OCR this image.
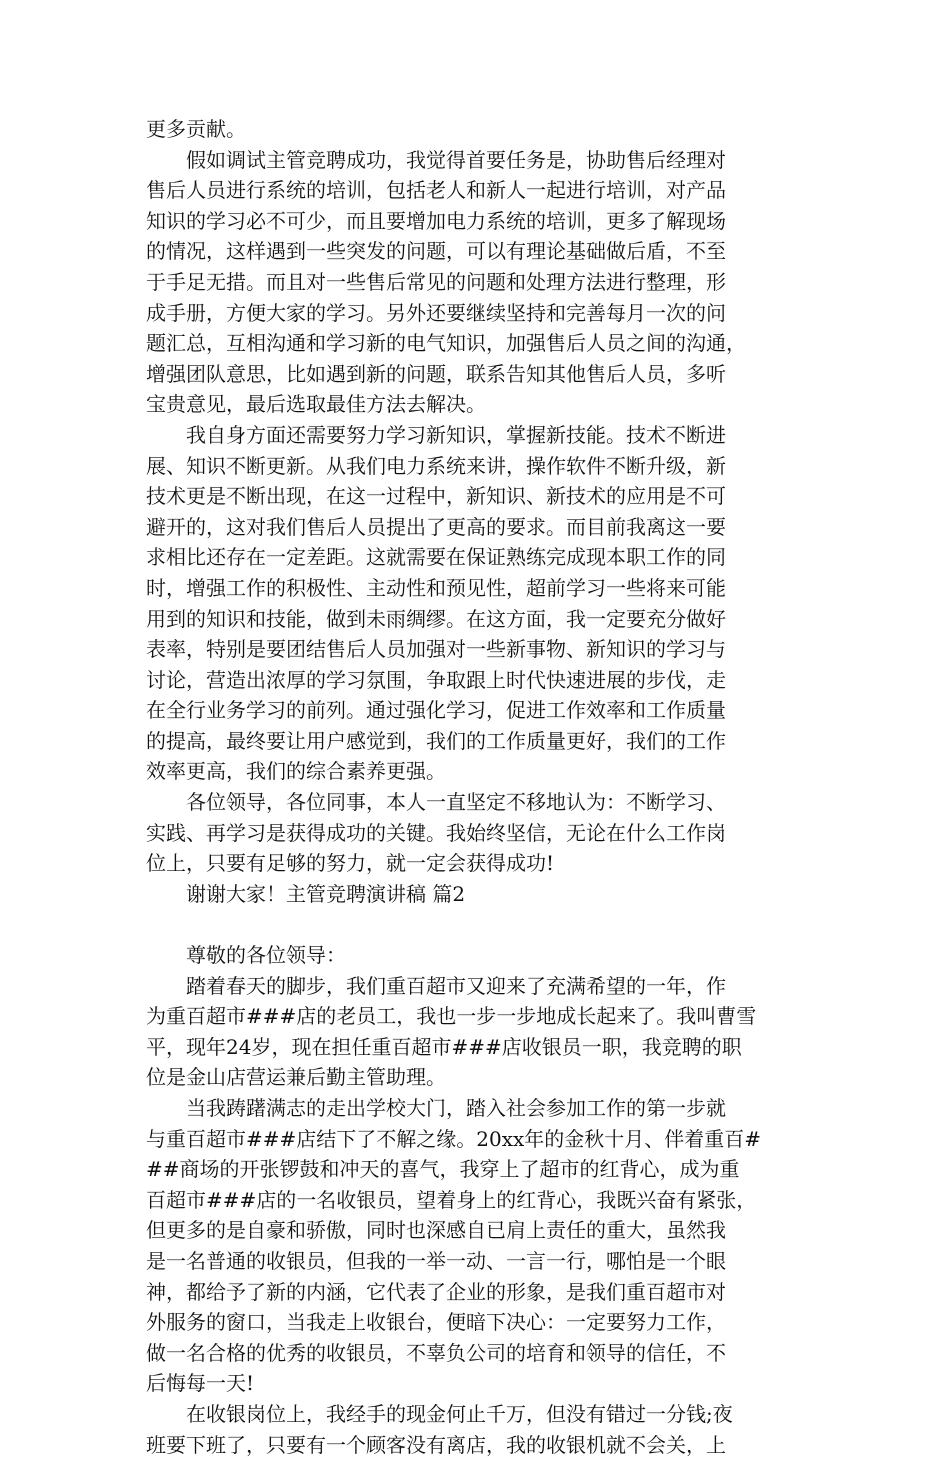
更多贡献。
　　假如调试主管竞聘成功，我觉得首要任务是，协助售后经理对
售后人员进行系统的培训，包括老人和新人一起进行培训，对产品
知识的学习必不可少，而且要增加电力系统的培训，更多了解现场
的情况，这样遇到一些突发的问题，可以有理论基础做后盾，不至
于手足无措。而且对一些售后常见的问题和处理方法进行整理，形
成手册，方便大家的学习。另外还要继续坚持和完善每月一次的问
题汇总，互相沟通和学习新的电气知识，加强售后人员之间的沟通，
增强团队意思，比如遇到新的问题，联系告知其他售后人员，多听
宝贵意见，最后选取最佳方法去解决。
　　我自身方面还需要努力学习新知识，掌握新技能。技术不断进
展、知识不断更新。从我们电力系统来讲，操作软件不断升级，新
技术更是不断出现，在这一过程中，新知识、新技术的应用是不可
避开的，这对我们售后人员提出了更高的要求。而目前我离这一要
求相比还存在一定差距。这就需要在保证熟练完成现本职工作的同
时，增强工作的积极性、主动性和预见性，超前学习一些将来可能
用到的知识和技能，做到未雨绸缪。在这方面，我一定要充分做好
表率，特别是要团结售后人员加强对一些新事物、新知识的学习与
讨论，营造出浓厚的学习氛围，争取跟上时代快速进展的步伐，走
在全行业务学习的前列。通过强化学习，促进工作效率和工作质量
的提高，最终要让用户感觉到，我们的工作质量更好，我们的工作
效率更高，我们的综合素养更强。
　　各位领导，各位同事，本人一直坚定不移地认为：不断学习、
实践、再学习是获得成功的关键。我始终坚信，无论在什么工作岗
位上，只要有足够的努力，就一定会获得成功!
　　谢谢大家！主管竞聘演讲稿 篇2
　　尊敬的各位领导：
　　踏着春天的脚步，我们重百超市又迎来了充满希望的一年，作
为重百超市###店的老员工，我也一步一步地成长起来了。我叫曹雪
平，现年24岁，现在担任重百超市###店收银员一职，我竞聘的职
位是金山店营运兼后勤主管助理。
　　当我踌躇满志的走出学校大门，踏入社会参加工作的第一步就
与重百超市###店结下了不解之缘。20xx年的金秋十月、伴着重百#
##商场的开张锣鼓和冲天的喜气，我穿上了超市的红背心，成为重
百超市###店的一名收银员，望着身上的红背心，我既兴奋有紧张，
但更多的是自豪和骄傲，同时也深感自已肩上责任的重大，虽然我
是一名普通的收银员，但我的一举一动、一言一行，哪怕是一个眼
神，都给予了新的内涵，它代表了企业的形象，是我们重百超市对
外服务的窗口，当我走上收银台，便暗下决心：一定要努力工作，
做一名合格的优秀的收银员，不辜负公司的培育和领导的信任，不
后悔每一天!
　　在收银岗位上，我经手的现金何止千万，但没有错过一分钱;夜
班要下班了，只要有一个顾客没有离店，我的收银机就不会关，上
